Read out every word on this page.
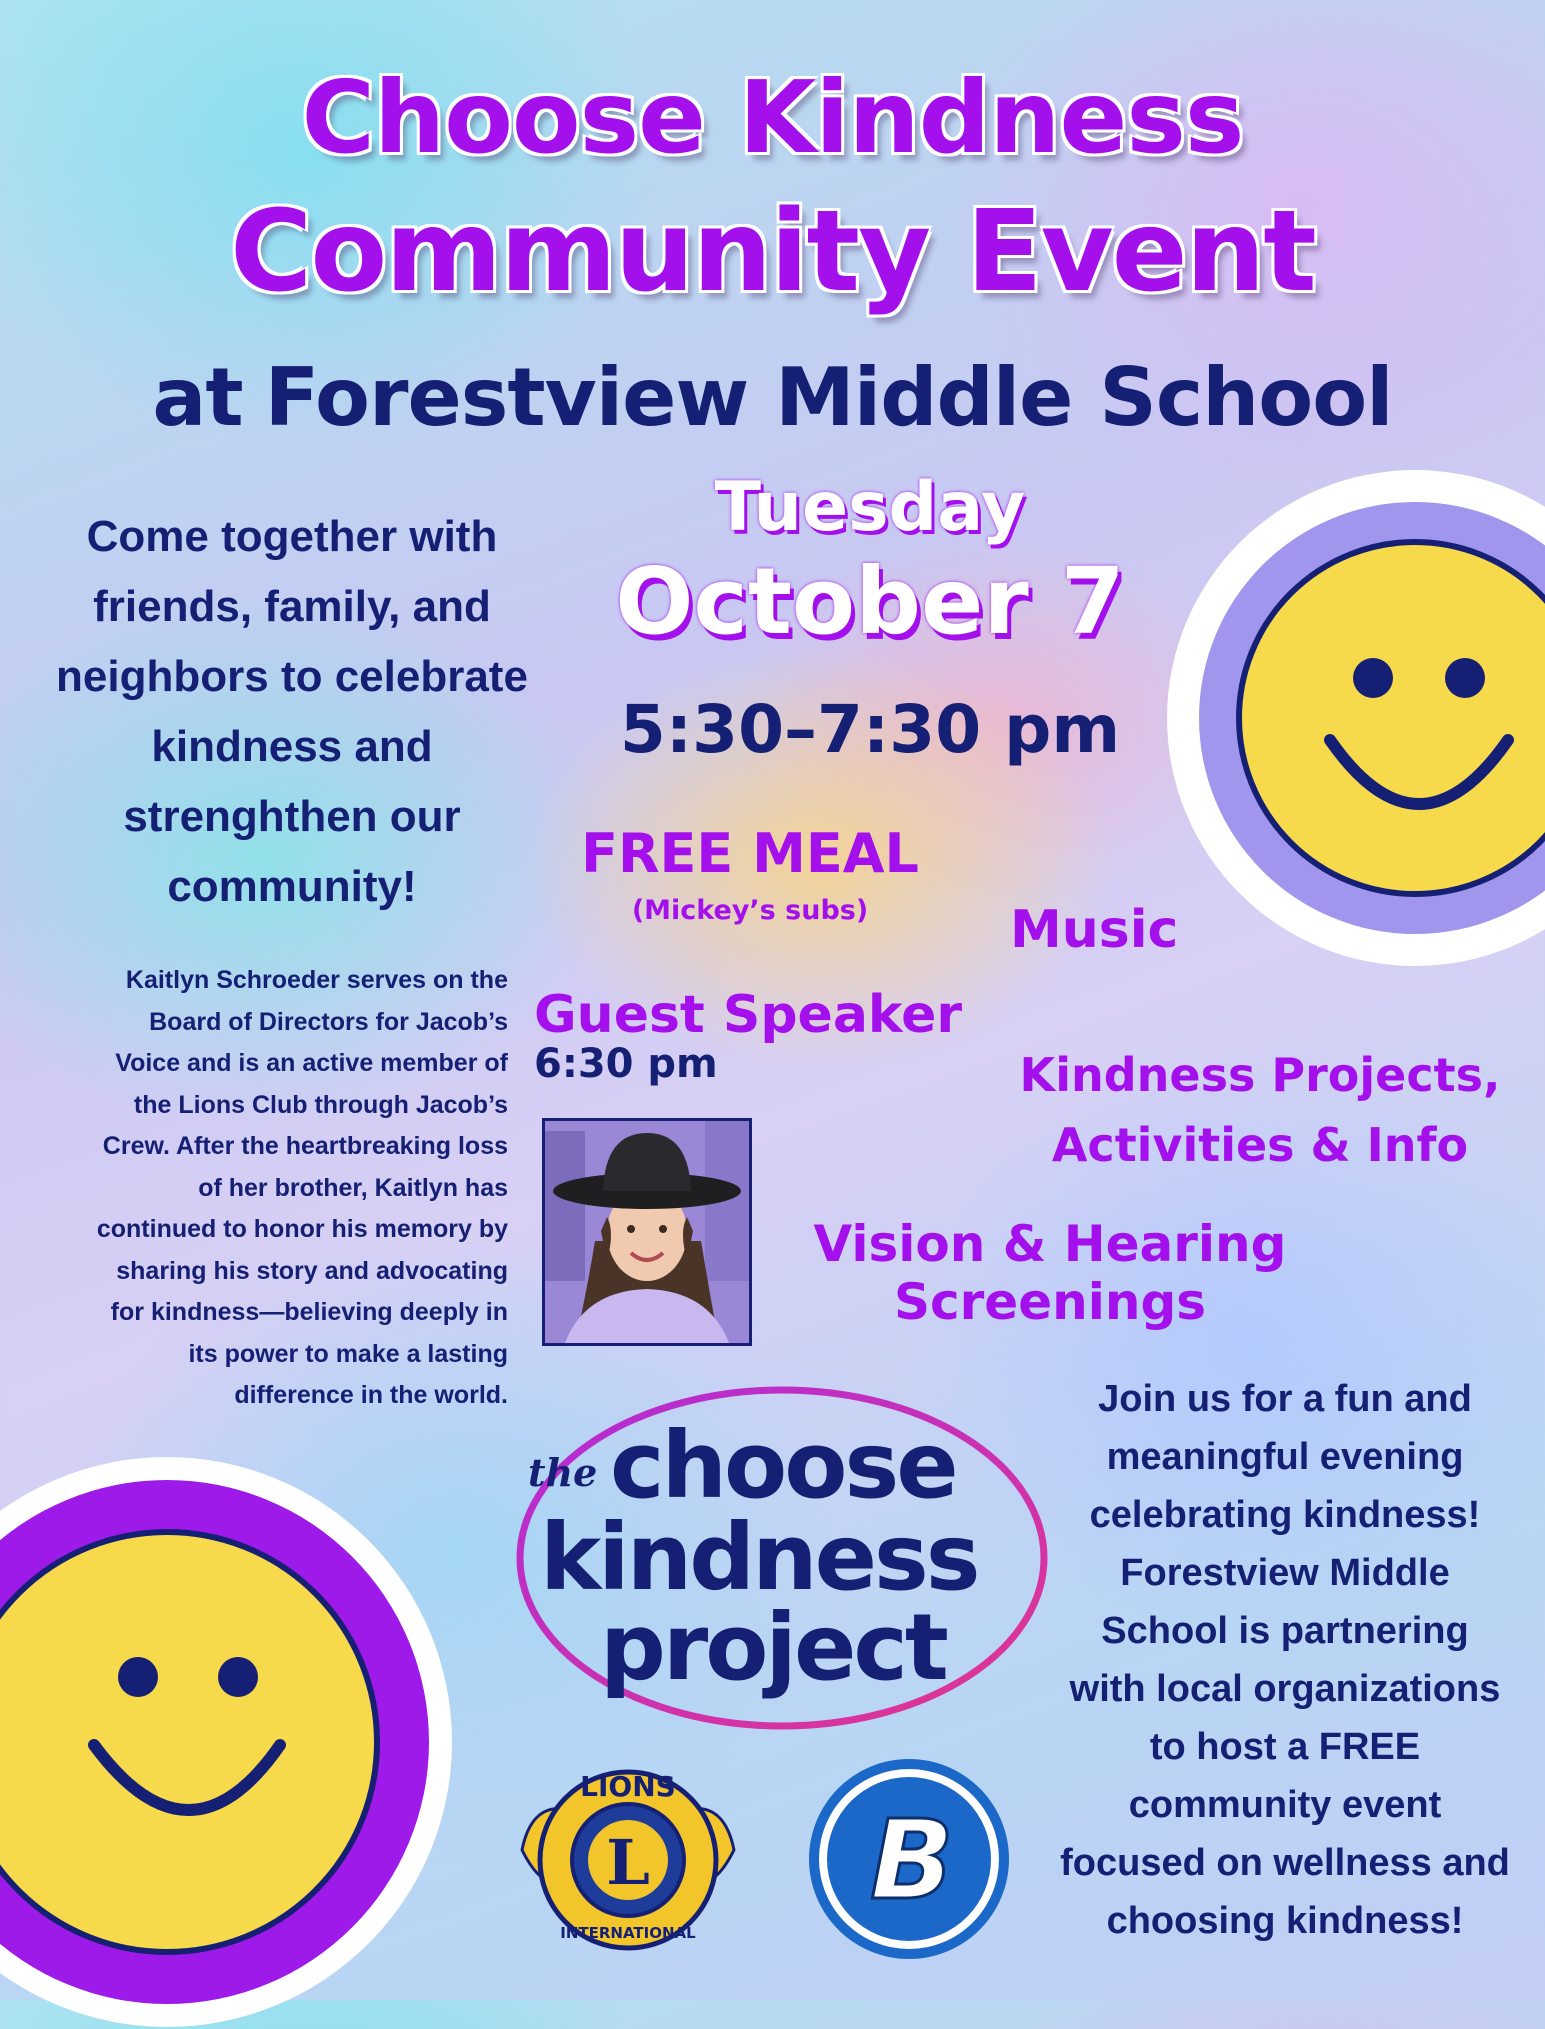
Choose Kindness
Community Event
at Forestview Middle School
Tuesday
October 7
5:30–7:30 pm
Come together with
friends, family, and
neighbors to celebrate
kindness and
strenghthen our
community!
Kaitlyn Schroeder serves on the
Board of Directors for Jacob’s
Voice and is an active member of
the Lions Club through Jacob’s
Crew. After the heartbreaking loss
of her brother, Kaitlyn has
continued to honor his memory by
sharing his story and advocating
for kindness—believing deeply in
its power to make a lasting
difference in the world.
FREE MEAL
(Mickey’s subs)	Music
Guest Speaker
6:30 pm	Kindness Projects,
Activities & Info
Vision & Hearing
Screenings
Join us for a fun and
meaningful evening
celebrating kindness!
Forestview Middle
School is partnering
with local organizations
to host a FREE
community event
focused on wellness and
choosing kindness!
the choose
kindness
project
L
LIONS
INTERNATIONAL
B
